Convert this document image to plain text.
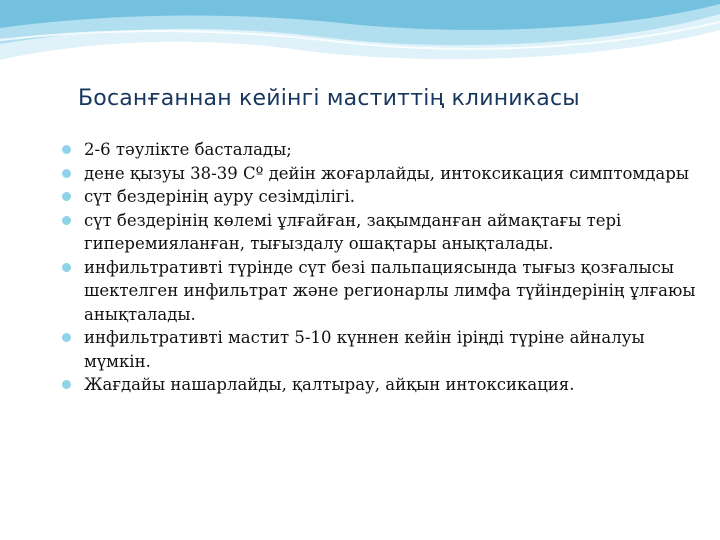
Босанғаннан кейінгі маститтің клиникасы
2-6 тәулікте басталады;
дене қызуы 38-39 Сº дейін жоғарлайды, интоксикация симптомдары
сүт бездерінің ауру сезімділігі.
сүт бездерінің көлемі ұлғайған, зақымданған аймақтағы терi гиперемияланған, тығыздалу ошақтары анықталады.
инфильтративті түрінде сүт безі пальпациясында тығыз қозғалысы шектелген инфильтрат және регионарлы лимфа түйіндерінің ұлғаюы анықталады.
инфильтративті мастит 5-10 күннен кейін іріңді түріне айналуы мүмкін.
Жағдайы нашарлайды, қалтырау, айқын интоксикация.
